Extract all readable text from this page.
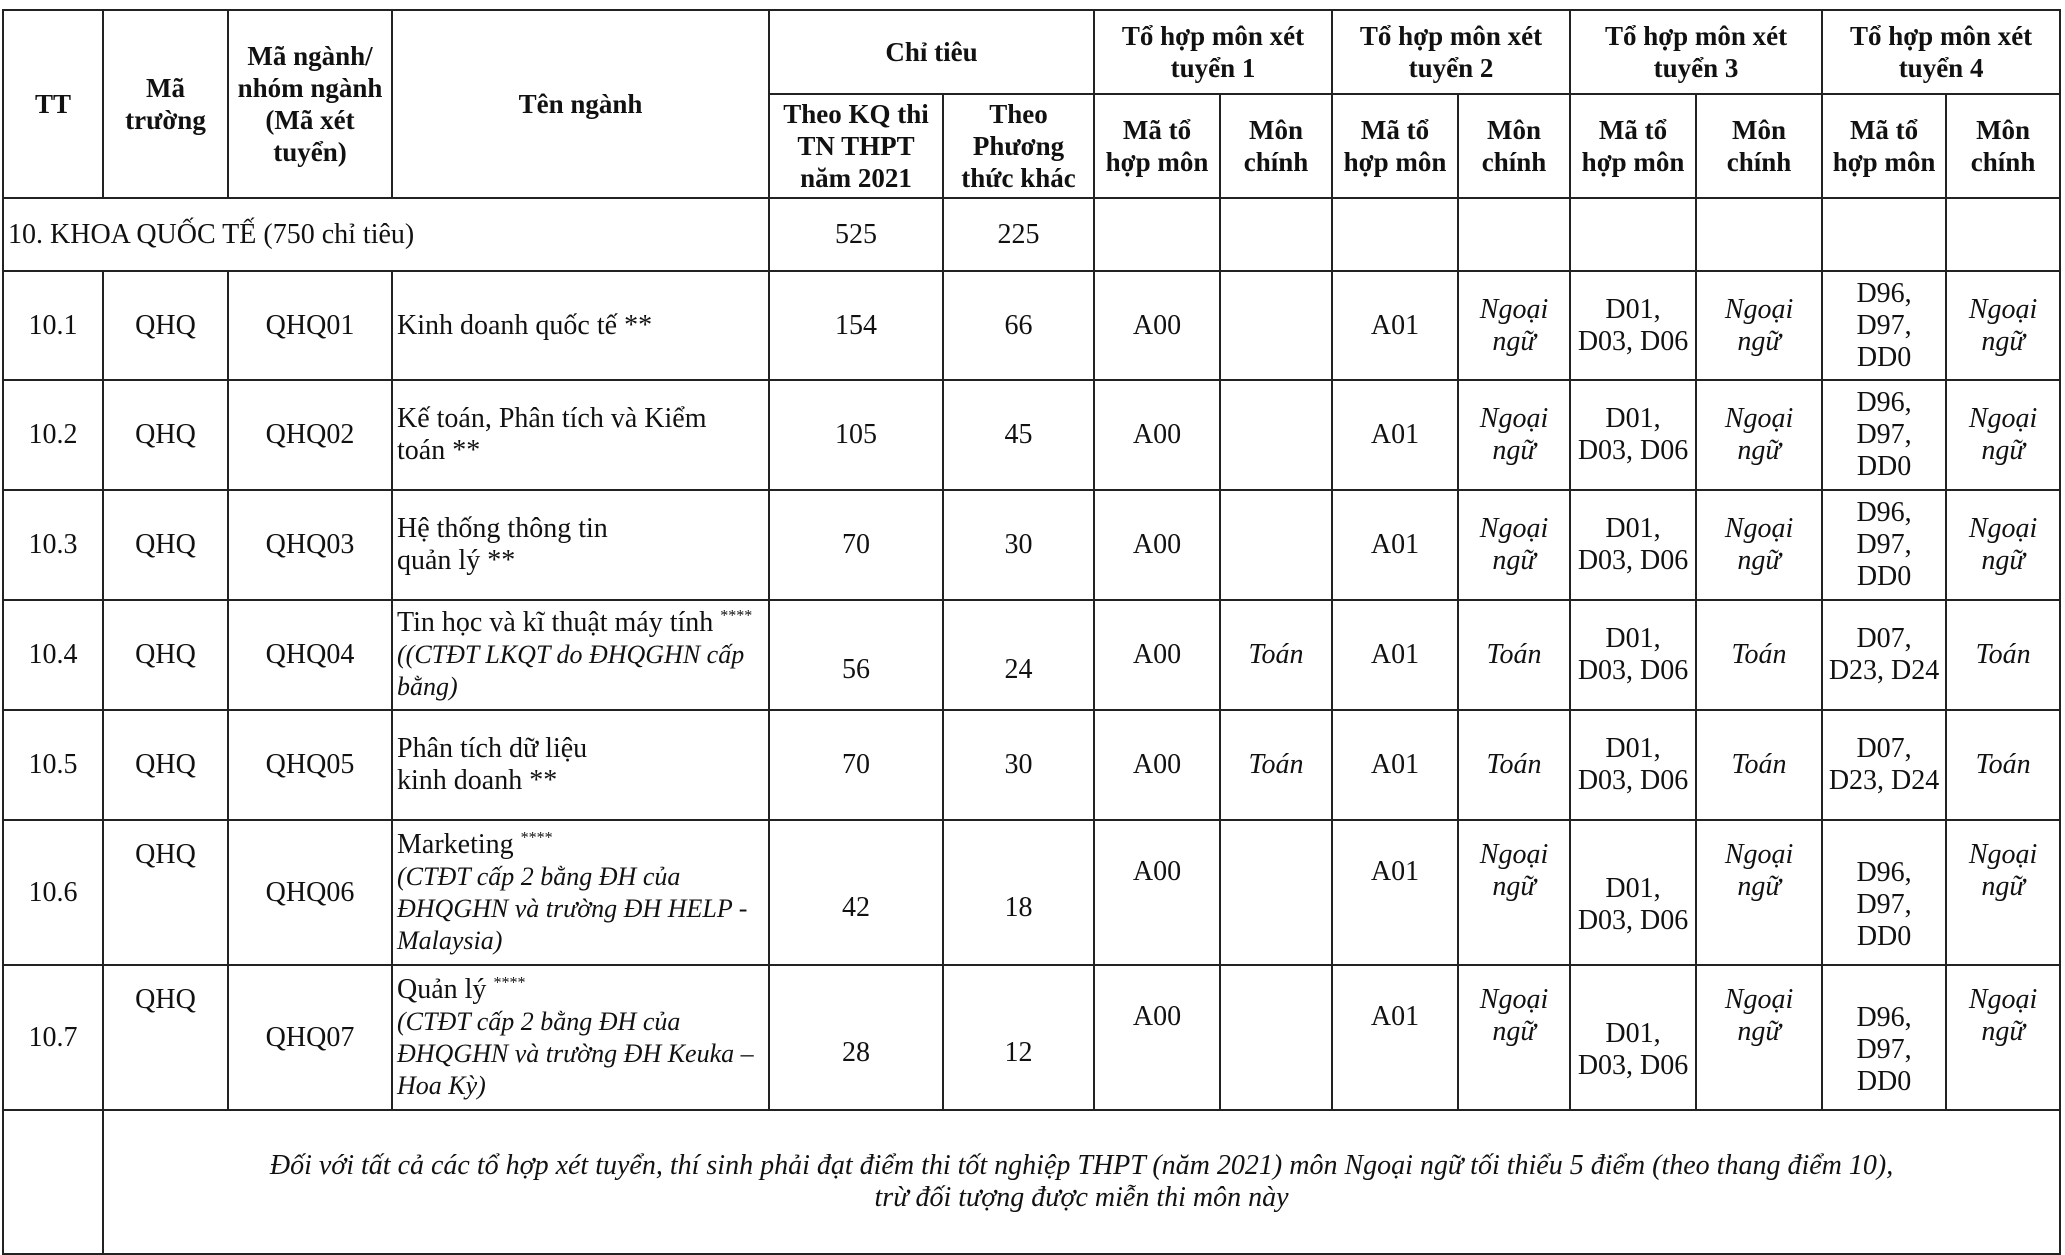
TT	Mã trường	Mã ngành/ nhóm ngành (Mã xét tuyển)	Tên ngành	Chỉ tiêu		Tổ hợp môn xét tuyển 1		Tổ hợp môn xét tuyển 2		Tổ hợp môn xét tuyển 3		Tổ hợp môn xét tuyển 4	
				Theo KQ thi TN THPT năm 2021	Theo Phương thức khác	Mã tổ hợp môn	Môn chính	Mã tổ hợp môn	Môn chính	Mã tổ hợp môn	Môn chính	Mã tổ hợp môn	Môn chính
10. KHOA QUỐC TẾ (750 chỉ tiêu)				525	225								
10.1	QHQ	QHQ01	Kinh doanh quốc tế **	154	66	A00		A01	Ngoại ngữ	D01, D03, D06	Ngoại ngữ	D96, D97, DD0	Ngoại ngữ
10.2	QHQ	QHQ02	Kế toán, Phân tích và Kiểm
toán **	105	45	A00		A01	Ngoại ngữ	D01, D03, D06	Ngoại ngữ	D96, D97, DD0	Ngoại ngữ
10.3	QHQ	QHQ03	Hệ thống thông tin
quản lý **	70	30	A00		A01	Ngoại ngữ	D01, D03, D06	Ngoại ngữ	D96, D97, DD0	Ngoại ngữ
10.4	QHQ	QHQ04	Tin học và kĩ thuật máy tính ****
((CTĐT LKQT do ĐHQGHN cấp bằng)	56	24	A00	Toán	A01	Toán	D01, D03, D06	Toán	D07, D23, D24	Toán
10.5	QHQ	QHQ05	Phân tích dữ liệu
kinh doanh **	70	30	A00	Toán	A01	Toán	D01, D03, D06	Toán	D07, D23, D24	Toán
10.6	QHQ	QHQ06	Marketing ****
(CTĐT cấp 2 bằng ĐH của ĐHQGHN và trường ĐH HELP - Malaysia)	42	18	A00		A01	Ngoại ngữ	D01, D03, D06	Ngoại ngữ	D96, D97, DD0	Ngoại ngữ
10.7	QHQ	QHQ07	Quản lý ****
(CTĐT cấp 2 bằng ĐH của ĐHQGHN và trường ĐH Keuka – Hoa Kỳ)	28	12	A00		A01	Ngoại ngữ	D01, D03, D06	Ngoại ngữ	D96, D97, DD0	Ngoại ngữ

	Đối với tất cả các tổ hợp xét tuyển, thí sinh phải đạt điểm thi tốt nghiệp THPT (năm 2021) môn Ngoại ngữ tối thiểu 5 điểm (theo thang điểm 10),
trừ đối tượng được miễn thi môn này												
